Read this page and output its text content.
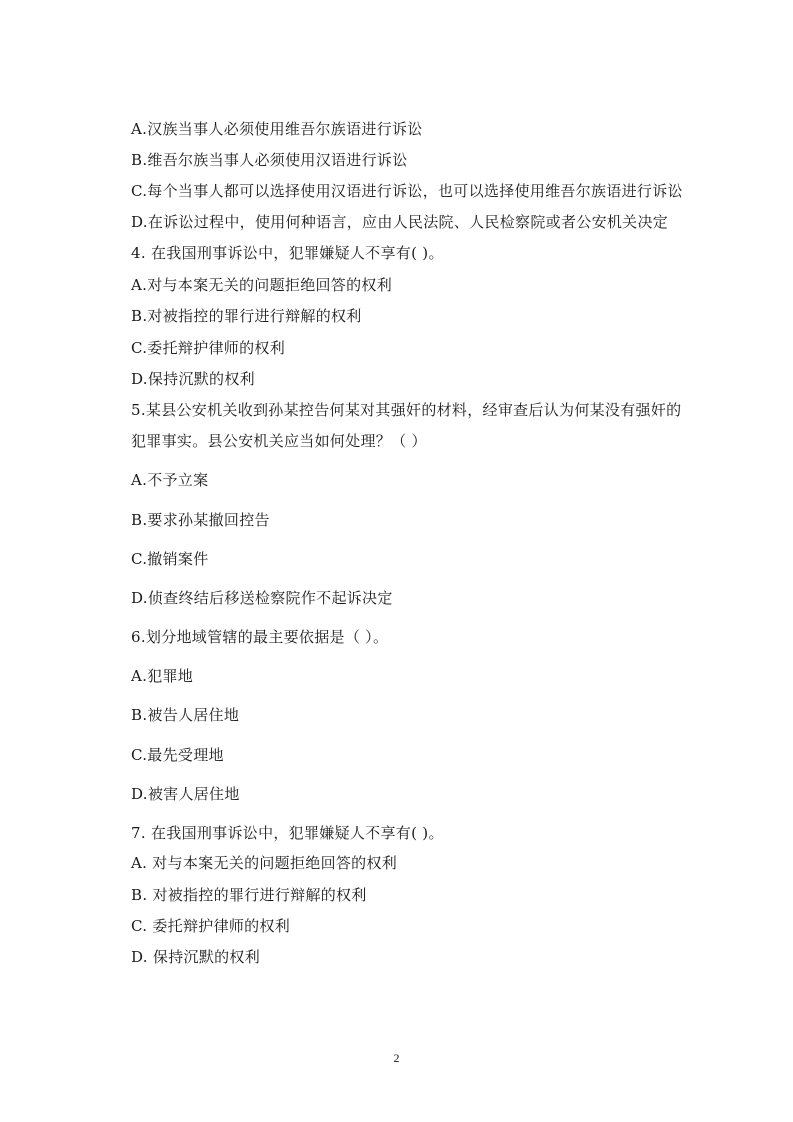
A.汉族当事人必须使用维吾尔族语进行诉讼
B.维吾尔族当事人必须使用汉语进行诉讼
C.每个当事人都可以选择使用汉语进行诉讼，也可以选择使用维吾尔族语进行诉讼
D.在诉讼过程中，使用何种语言，应由人民法院、人民检察院或者公安机关决定
4. 在我国刑事诉讼中，犯罪嫌疑人不享有( )。
A.对与本案无关的问题拒绝回答的权利
B.对被指控的罪行进行辩解的权利
C.委托辩护律师的权利
D.保持沉默的权利
5.某县公安机关收到孙某控告何某对其强奸的材料，经审查后认为何某没有强奸的
犯罪事实。县公安机关应当如何处理？（ ）
A.不予立案
B.要求孙某撤回控告
C.撤销案件
D.侦查终结后移送检察院作不起诉决定
6.划分地域管辖的最主要依据是（ ）。
A.犯罪地
B.被告人居住地
C.最先受理地
D.被害人居住地
7. 在我国刑事诉讼中，犯罪嫌疑人不享有( )。
A. 对与本案无关的问题拒绝回答的权利
B. 对被指控的罪行进行辩解的权利
C. 委托辩护律师的权利
D. 保持沉默的权利
2
